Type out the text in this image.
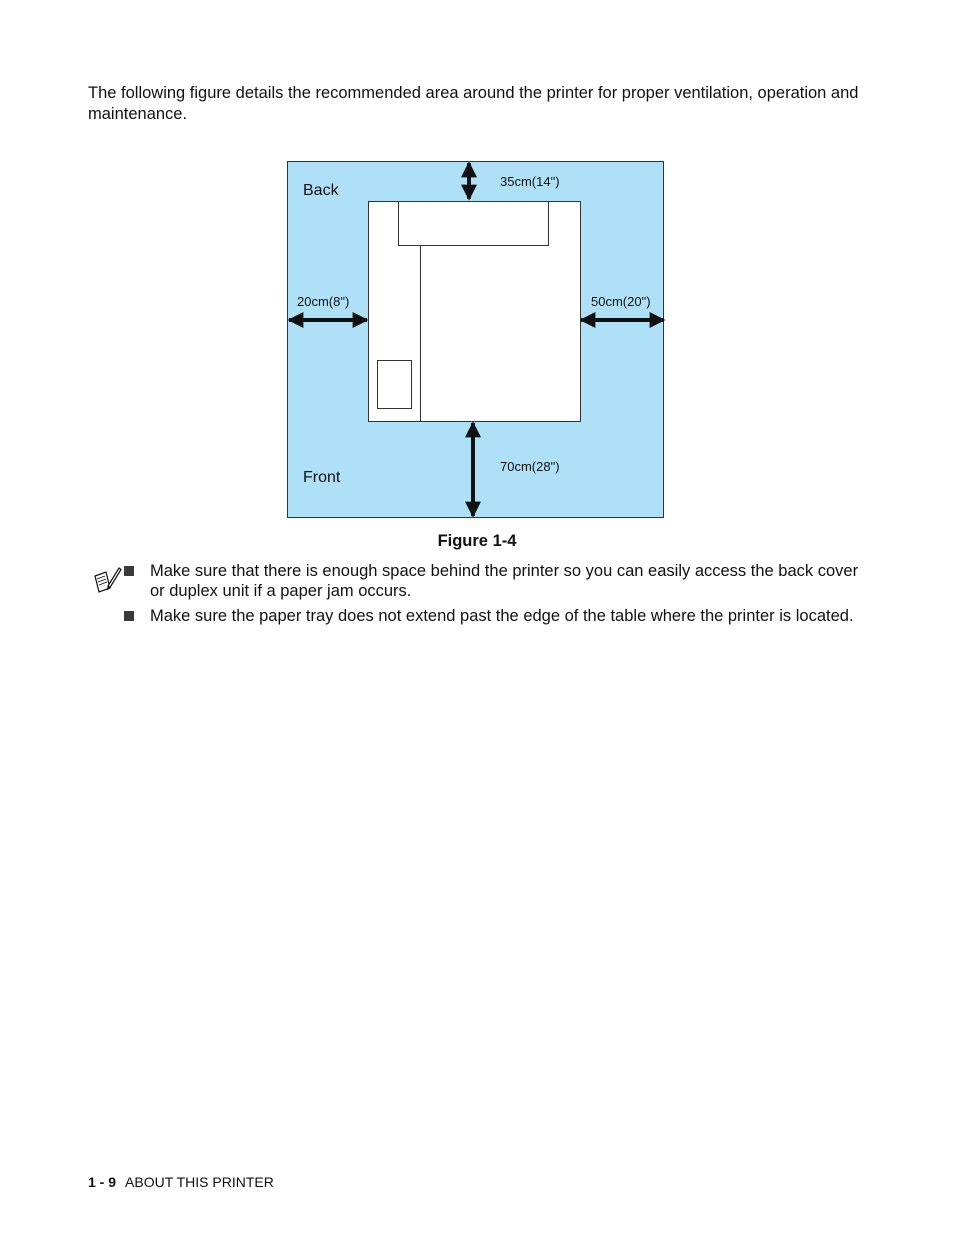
The following figure details the recommended area around the printer for proper ventilation, operation and maintenance.

Back
Front
35cm(14")
20cm(8")	50cm(20")
70cm(28")

Figure 1-4

Make sure that there is enough space behind the printer so you can easily access the back cover or duplex unit if a paper jam occurs.

Make sure the paper tray does not extend past the edge of the table where the printer is located.

1 - 9 ABOUT THIS PRINTER
